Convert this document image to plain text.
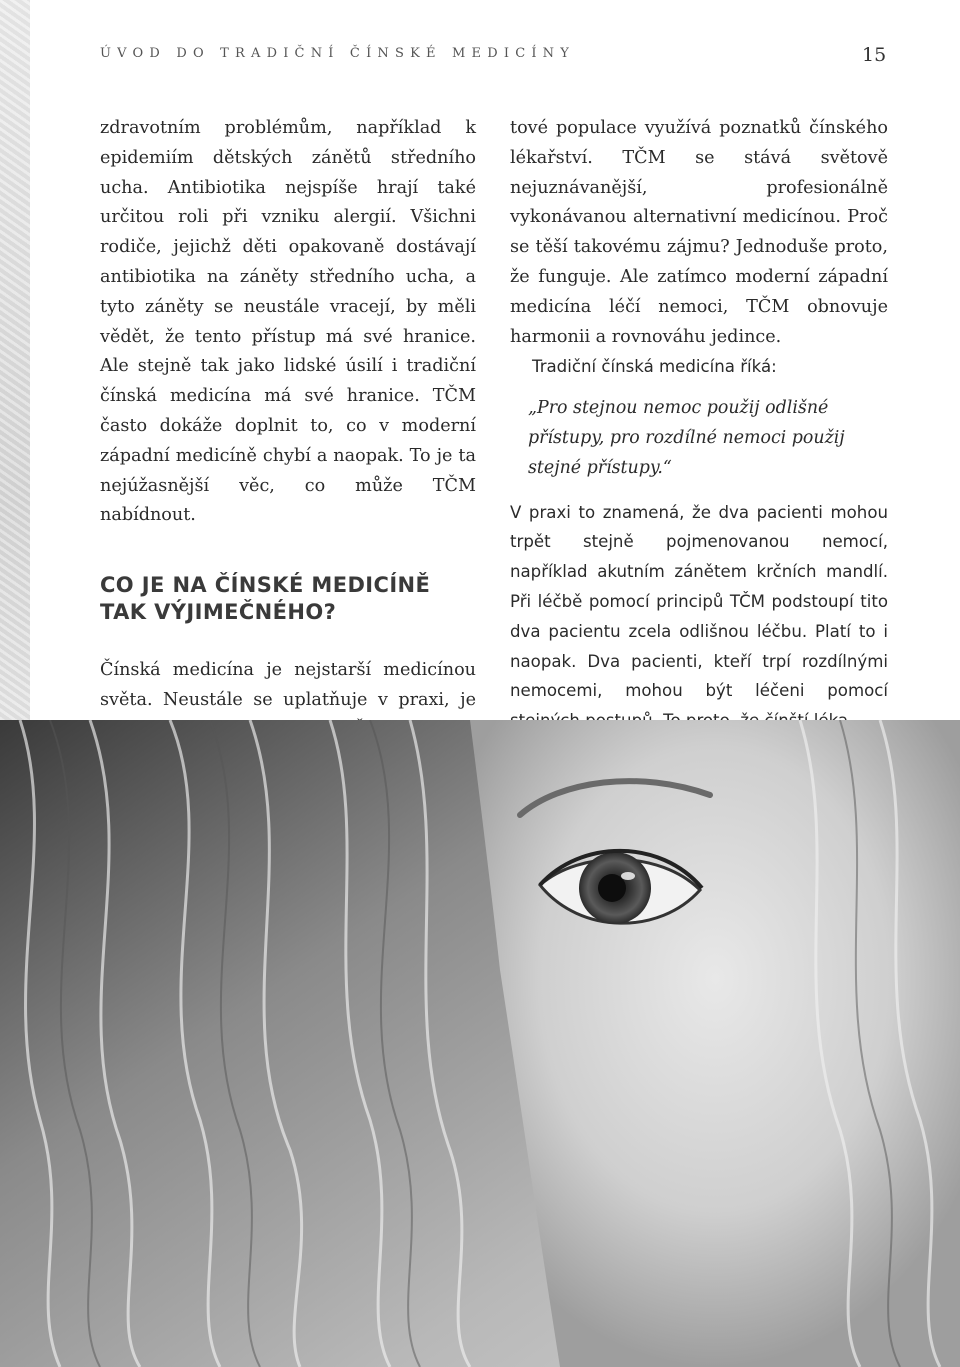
ÚVOD DO TRADIČNÍ ČÍNSKÉ MEDICÍNY	15

zdravotním problémům, například k epidemiím dětských zánětů středního ucha. Antibiotika nejspíše hrají také určitou roli při vzniku alergií. Všichni rodiče, jejichž děti opakovaně dostávají antibiotika na záněty středního ucha, a tyto záněty se neustále vracejí, by měli vědět, že tento přístup má své hranice. Ale stejně tak jako lidské úsilí i tradiční čínská medicína má své hranice. TČM často dokáže doplnit to, co v moderní západní medicíně chybí a naopak. To je ta nejúžasnější věc, co může TČM nabídnout.

CO JE NA ČÍNSKÉ MEDICÍNĚ TAK VÝJIMEČNÉHO?

Čínská medicína je nejstarší medicínou světa. Neustále se uplatňuje v praxi, je

tové populace využívá poznatků čínského lékařství. TČM se stává světově nejuznávanější, profesionálně vykonávanou alternativní medicínou. Proč se těší takovému zájmu? Jednoduše proto, že funguje. Ale zatímco moderní západní medicína léčí nemoci, TČM obnovuje harmonii a rovnováhu jedince.

Tradiční čínská medicína říká:

„Pro stejnou nemoc použij odlišné přístupy, pro rozdílné nemoci použij stejné přístupy.“

V praxi to znamená, že dva pacienti mohou trpět stejně pojmenovanou nemocí, například akutním zánětem krčních mandlí. Při léčbě pomocí principů TČM podstoupí tito dva pacientu zcela odlišnou léčbu. Platí to i naopak. Dva pacienti, kteří trpí rozdílnými nemocemi, mohou být léčeni pomocí
